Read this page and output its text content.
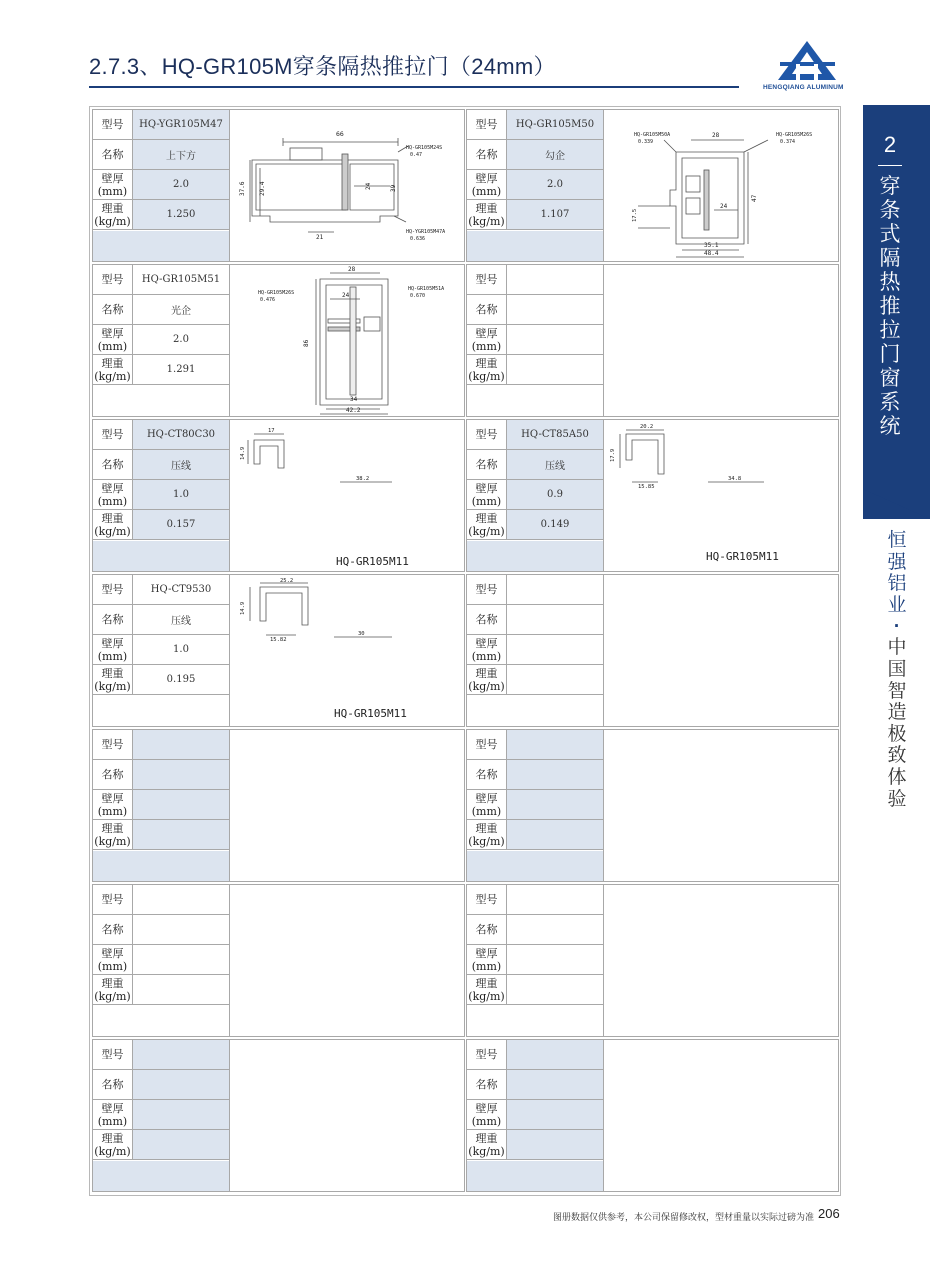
2.7.3、HQ-GR105M穿条隔热推拉门（24mm）
HENGQIANG ALUMINUM
2
穿条式隔热推拉门窗系统
恒强铝业
·
中国智造 极致体验
型号	HQ-YGR105M47
名称	上下方
壁厚
(mm)	2.0
理重
(kg/m)	1.250
66
37.6 29.4	24	39
21
HQ-GR105M24S
0.47
HQ-YGR105M47A
0.636
型号	HQ-GR105M50
名称	勾企
壁厚
(mm)	2.0
理重
(kg/m)	1.107
28
47
17.5
24
35.1
48.4
HQ-GR105M50A
0.339
HQ-GR105M26S
0.374
型号	HQ-GR105M51
名称	光企
壁厚
(mm)	2.0
理重
(kg/m)	1.291
28
24
86
34
42.2
HQ-GR105M26S
0.476
HQ-GR105M51A
0.670
型号
名称
壁厚
(mm)
理重
(kg/m)
型号	HQ-CT80C30
名称	压线
壁厚
(mm)	1.0
理重
(kg/m)	0.157
17
14.9
38.2
HQ-GR105M11
型号	HQ-CT85A50
名称	压线
壁厚
(mm)	0.9
理重
(kg/m)	0.149
20.2
17.9
15.85
34.8
HQ-GR105M11
型号	HQ-CT9530
名称	压线
壁厚
(mm)	1.0
理重
(kg/m)	0.195
25.2
14.9
15.82
30
HQ-GR105M11
型号
名称
壁厚
(mm)
理重
(kg/m)
型号
名称
壁厚
(mm)
理重
(kg/m)
型号
名称
壁厚
(mm)
理重
(kg/m)
型号
名称
壁厚
(mm)
理重
(kg/m)
型号
名称
壁厚
(mm)
理重
(kg/m)
型号
名称
壁厚
(mm)
理重
(kg/m)
型号
名称
壁厚
(mm)
理重
(kg/m)
图册数据仅供参考，本公司保留修改权，型材重量以实际过磅为准 206
